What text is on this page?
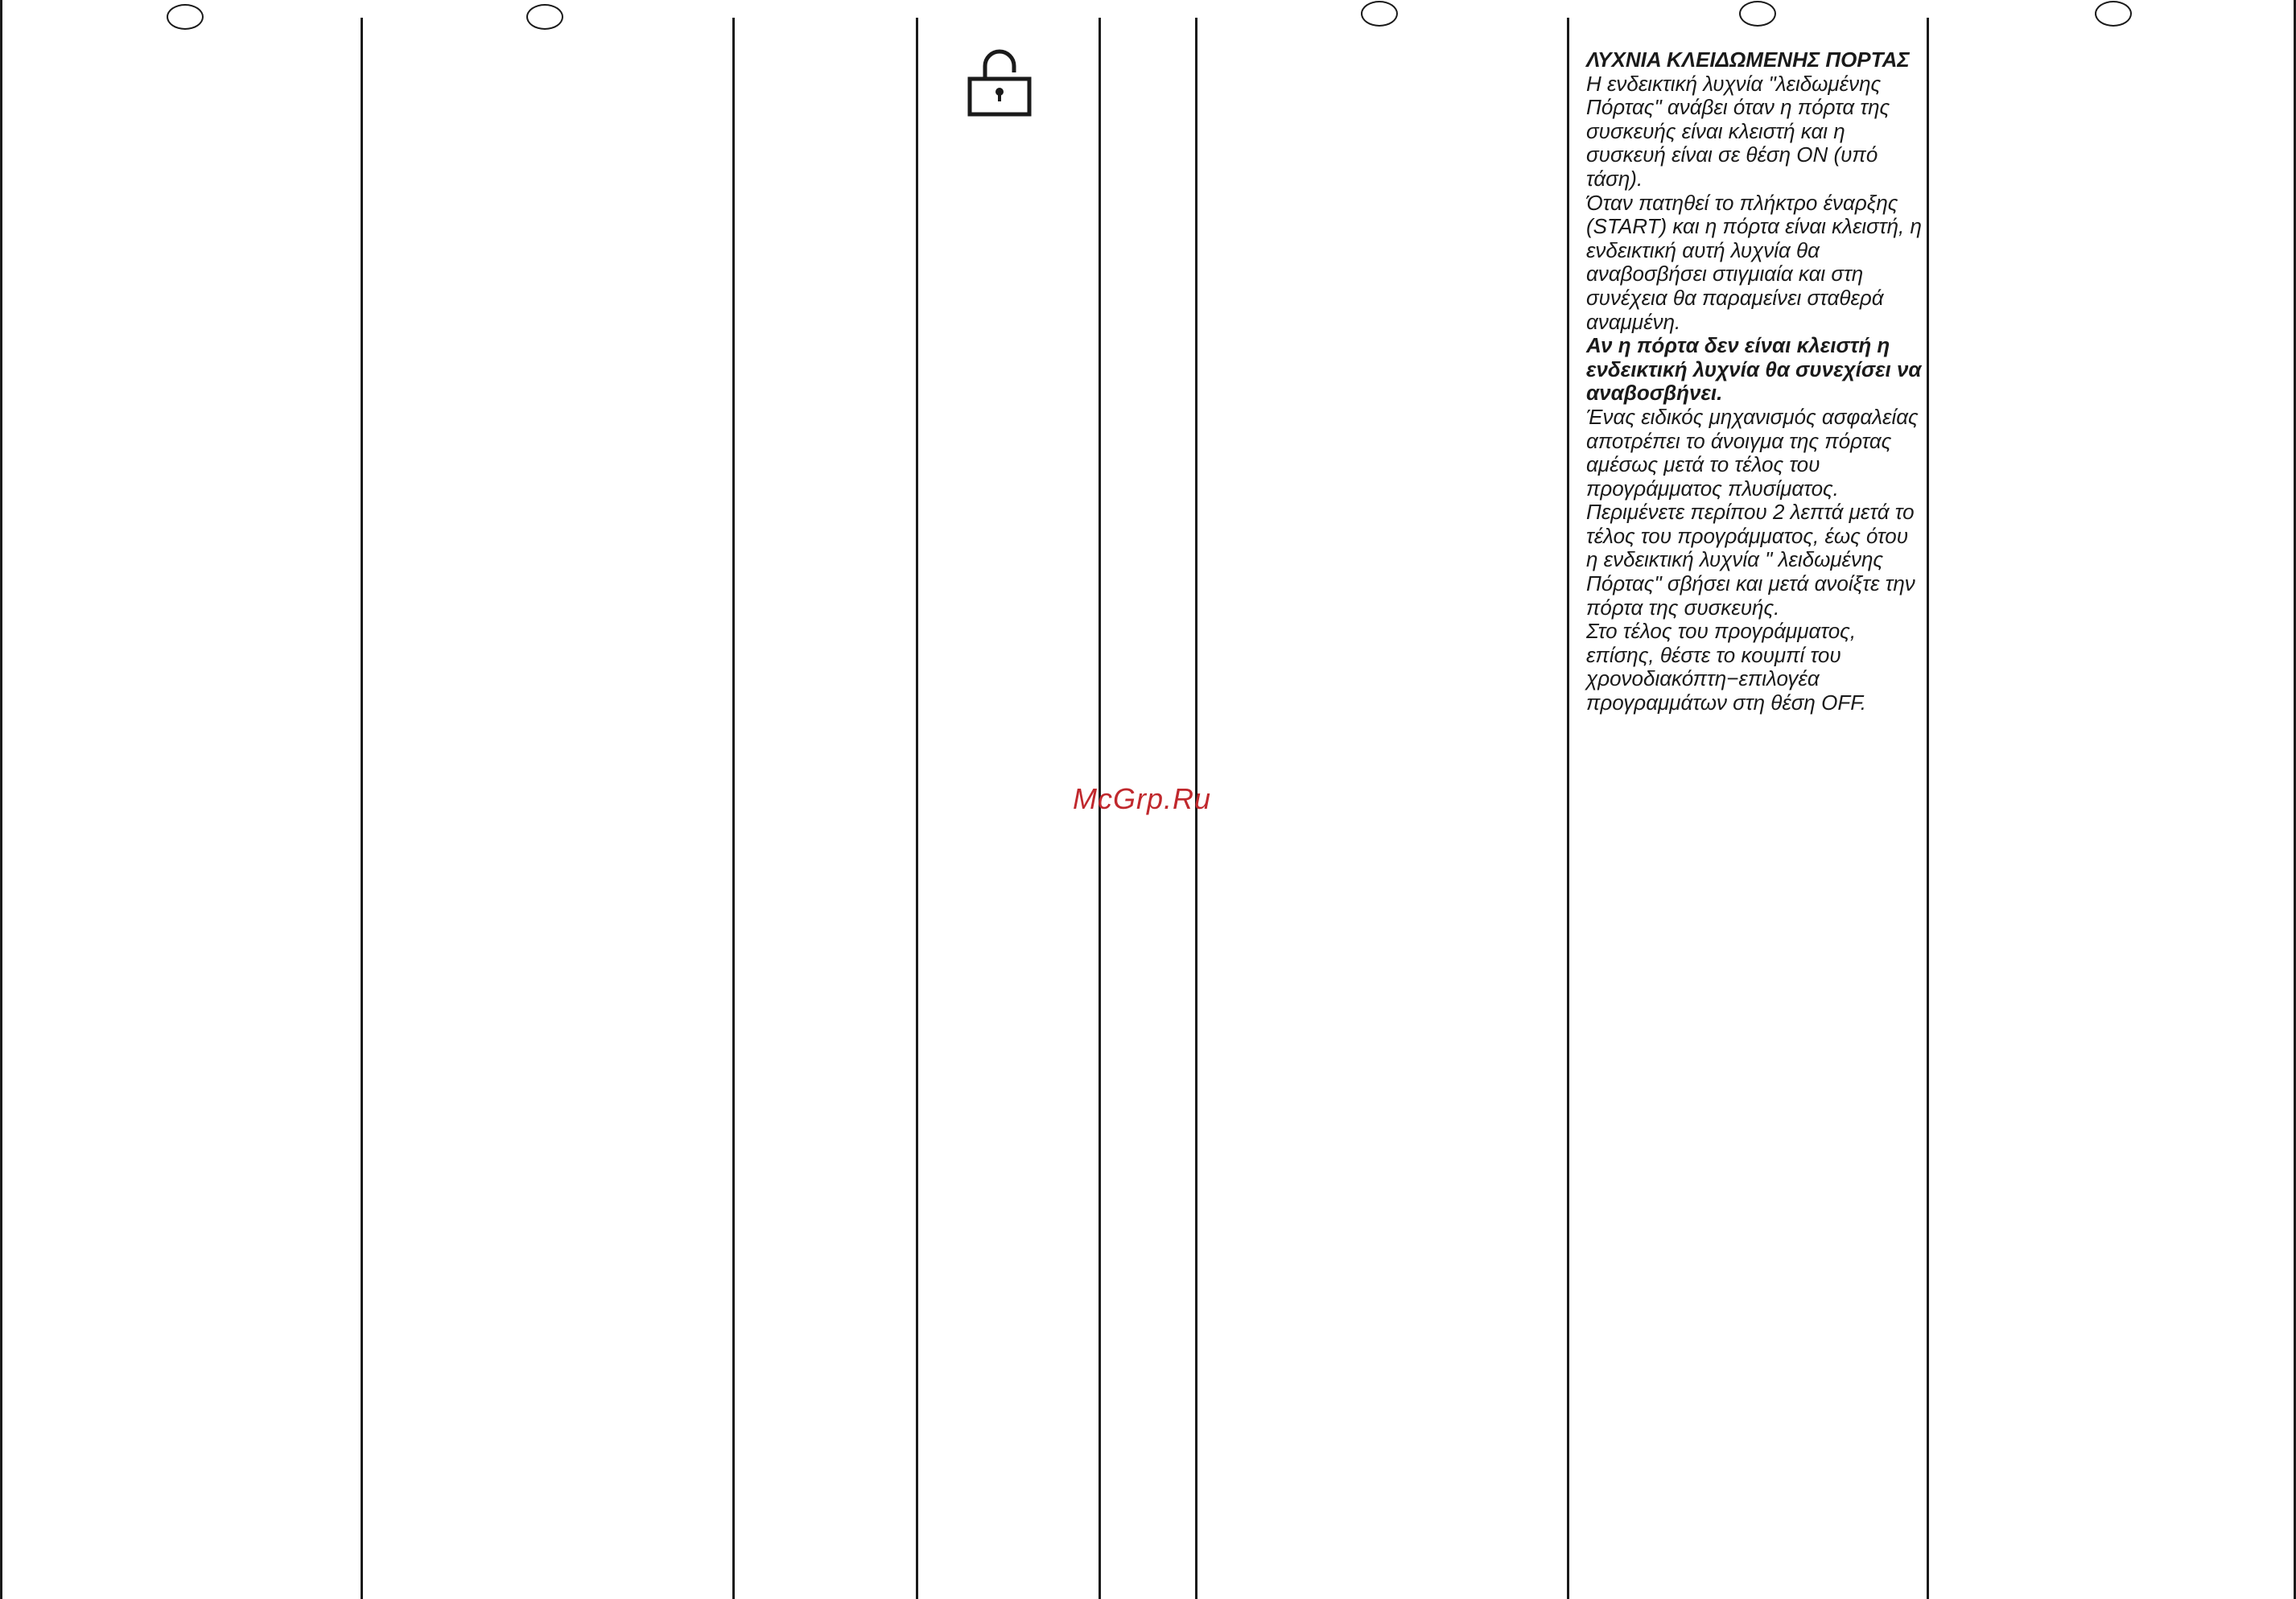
ΛΥΧΝΙΑ ΚΛΕΙΔΩΜΕΝΗΣ ΠΟΡΤΑΣ

Η ενδεικτική λυχνία "λειδωμένης Πόρτας" ανάβει όταν η πόρτα της συσκευής είναι κλειστή και η συσκευή είναι σε θέση ON (υπό τάση).

Όταν πατηθεί το πλήκτρο έναρξης (START) και η πόρτα είναι κλειστή, η ενδεικτική αυτή λυχνία θα αναβοσβήσει στιγμιαία και στη συνέχεια θα παραμείνει σταθερά αναμμένη.

Αν η πόρτα δεν είναι κλειστή η ενδεικτική λυχνία θα συνεχίσει να αναβοσβήνει.

Ένας ειδικός μηχανισμός ασφαλείας αποτρέπει το άνοιγμα της πόρτας αμέσως μετά το τέλος του προγράμματος πλυσίματος.

Περιμένετε περίπου 2 λεπτά μετά το τέλος του προγράμματος, έως ότου η ενδεικτική λυχνία " λειδωμένης Πόρτας" σβήσει και μετά ανοίξτε την πόρτα της συσκευής.

Στο τέλος του προγράμματος, επίσης, θέστε το κουμπί του χρονοδιακόπτη−επιλογέα προγραμμάτων στη θέση OFF.

McGrp.Ru
